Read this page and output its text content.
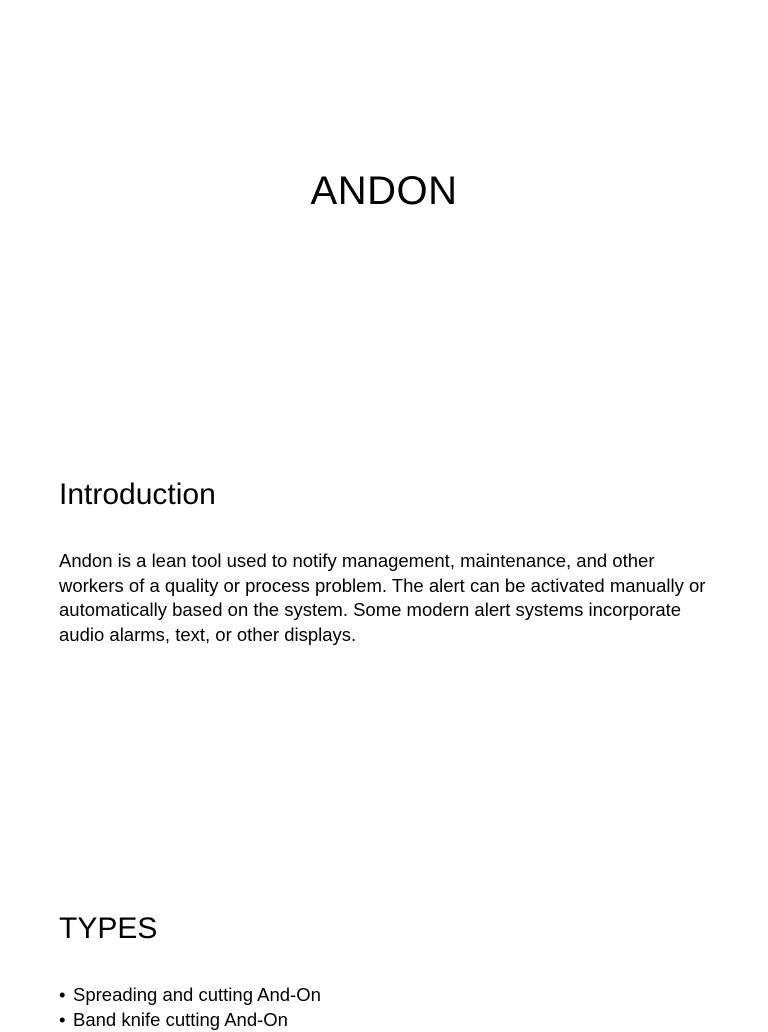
ANDON
Introduction

Andon is a lean tool used to notify management, maintenance, and other workers of a quality or process problem. The alert can be activated manually or automatically based on the system. Some modern alert systems incorporate audio alarms, text, or other displays.

TYPES
• Spreading and cutting And-On
• Band knife cutting And-On
